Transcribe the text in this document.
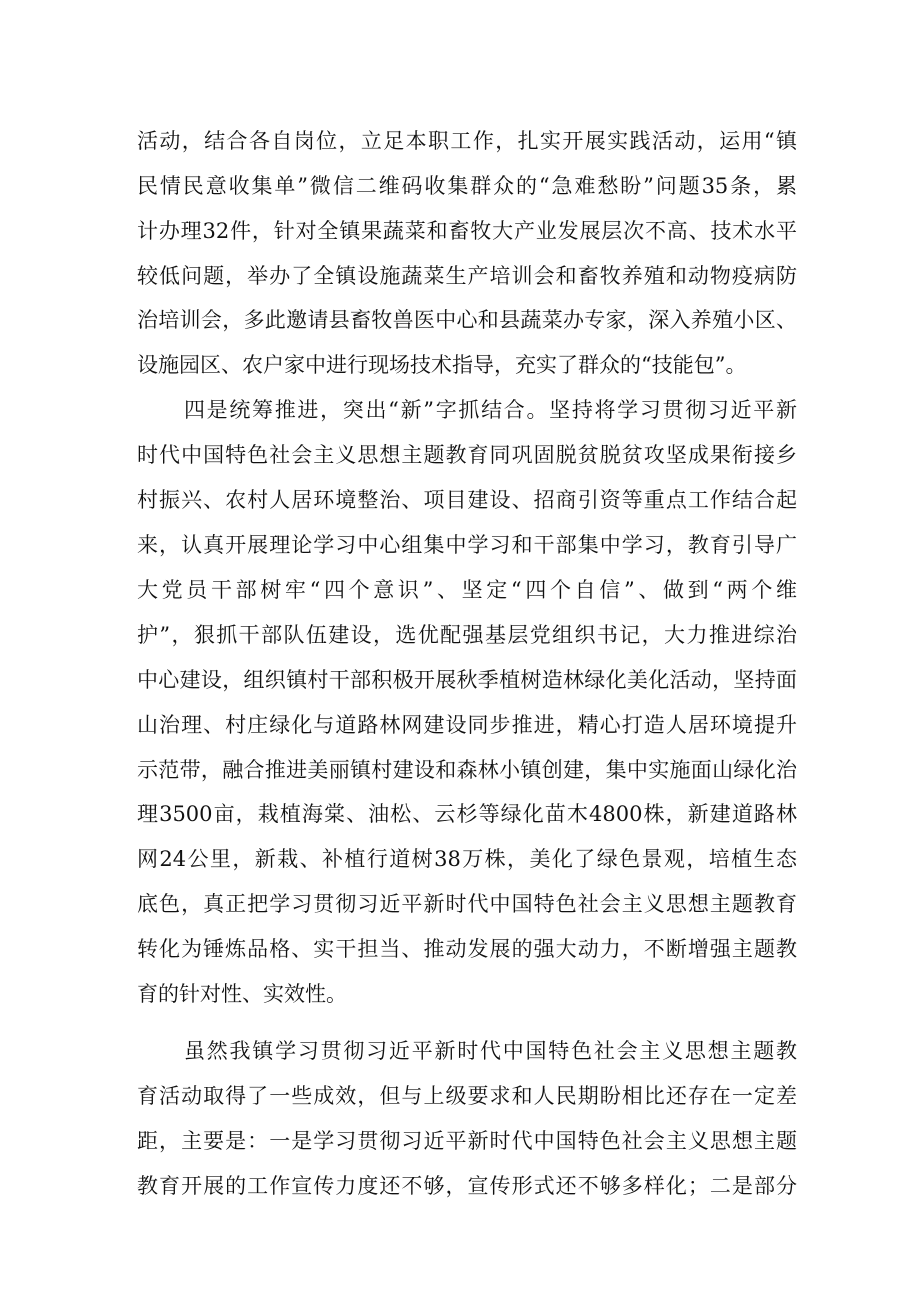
活动，结合各自岗位，立足本职工作，扎实开展实践活动，运用“镇
民情民意收集单”微信二维码收集群众的“急难愁盼”问题35条，累
计办理32件，针对全镇果蔬菜和畜牧大产业发展层次不高、技术水平
较低问题，举办了全镇设施蔬菜生产培训会和畜牧养殖和动物疫病防
治培训会，多此邀请县畜牧兽医中心和县蔬菜办专家，深入养殖小区、
设施园区、农户家中进行现场技术指导，充实了群众的“技能包”。
四是统筹推进，突出“新”字抓结合。坚持将学习贯彻习近平新
时代中国特色社会主义思想主题教育同巩固脱贫脱贫攻坚成果衔接乡
村振兴、农村人居环境整治、项目建设、招商引资等重点工作结合起
来，认真开展理论学习中心组集中学习和干部集中学习，教育引导广
大党员干部树牢“四个意识”、坚定“四个自信”、做到“两个维
护”，狠抓干部队伍建设，选优配强基层党组织书记，大力推进综治
中心建设，组织镇村干部积极开展秋季植树造林绿化美化活动，坚持面
山治理、村庄绿化与道路林网建设同步推进，精心打造人居环境提升
示范带，融合推进美丽镇村建设和森林小镇创建，集中实施面山绿化治
理3500亩，栽植海棠、油松、云杉等绿化苗木4800株，新建道路林
网24公里，新栽、补植行道树38万株，美化了绿色景观，培植生态
底色，真正把学习贯彻习近平新时代中国特色社会主义思想主题教育
转化为锤炼品格、实干担当、推动发展的强大动力，不断增强主题教
育的针对性、实效性。
虽然我镇学习贯彻习近平新时代中国特色社会主义思想主题教
育活动取得了一些成效，但与上级要求和人民期盼相比还存在一定差
距，主要是：一是学习贯彻习近平新时代中国特色社会主义思想主题
教育开展的工作宣传力度还不够，宣传形式还不够多样化；二是部分
